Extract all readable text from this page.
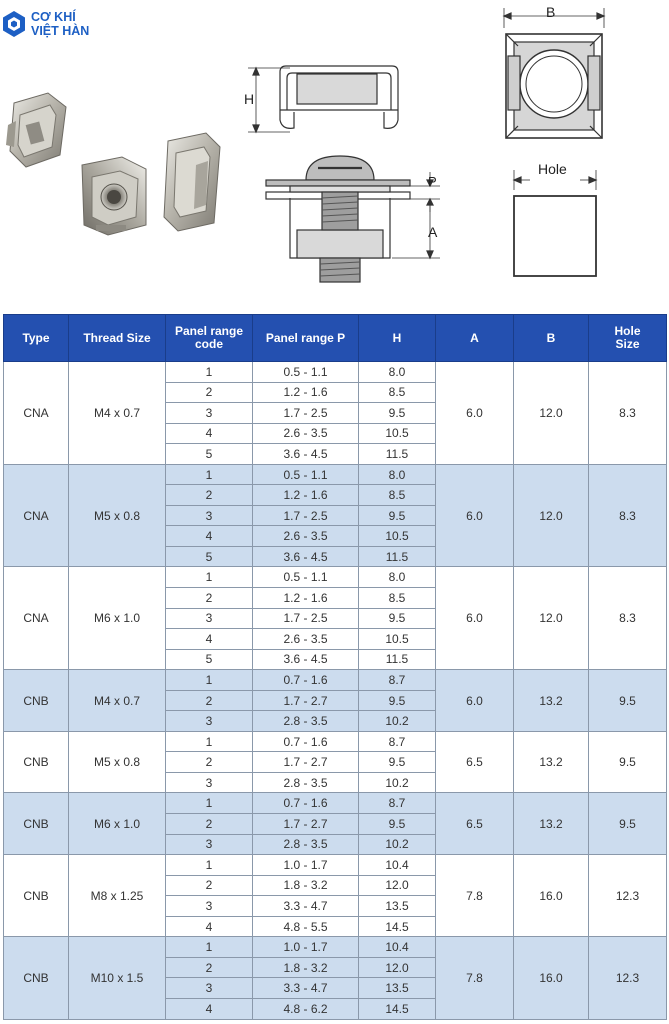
CƠ KHÍ
VIỆT HÀN
B
H
P
A
Hole
Type	Thread Size	Panel range code	Panel range P	H	A	B	Hole Size

CNA	M4 x 0.7	1	0.5 - 1.1	8.0	6.0	12.0	8.3
		2	1.2 - 1.6	8.5			
		3	1.7 - 2.5	9.5			
		4	2.6 - 3.5	10.5			
		5	3.6 - 4.5	11.5			
CNA	M5 x 0.8	1	0.5 - 1.1	8.0	6.0	12.0	8.3
		2	1.2 - 1.6	8.5			
		3	1.7 - 2.5	9.5			
		4	2.6 - 3.5	10.5			
		5	3.6 - 4.5	11.5			
CNA	M6 x 1.0	1	0.5 - 1.1	8.0	6.0	12.0	8.3
		2	1.2 - 1.6	8.5			
		3	1.7 - 2.5	9.5			
		4	2.6 - 3.5	10.5			
		5	3.6 - 4.5	11.5			
CNB	M4 x 0.7	1	0.7 - 1.6	8.7	6.0	13.2	9.5
		2	1.7 - 2.7	9.5			
		3	2.8 - 3.5	10.2			
CNB	M5 x 0.8	1	0.7 - 1.6	8.7	6.5	13.2	9.5
		2	1.7 - 2.7	9.5			
		3	2.8 - 3.5	10.2			
CNB	M6 x 1.0	1	0.7 - 1.6	8.7	6.5	13.2	9.5
		2	1.7 - 2.7	9.5			
		3	2.8 - 3.5	10.2			
CNB	M8 x 1.25	1	1.0 - 1.7	10.4	7.8	16.0	12.3
		2	1.8 - 3.2	12.0			
		3	3.3 - 4.7	13.5			
		4	4.8 - 5.5	14.5			
CNB	M10 x 1.5	1	1.0 - 1.7	10.4	7.8	16.0	12.3
		2	1.8 - 3.2	12.0			
		3	3.3 - 4.7	13.5			
		4	4.8 - 6.2	14.5			
